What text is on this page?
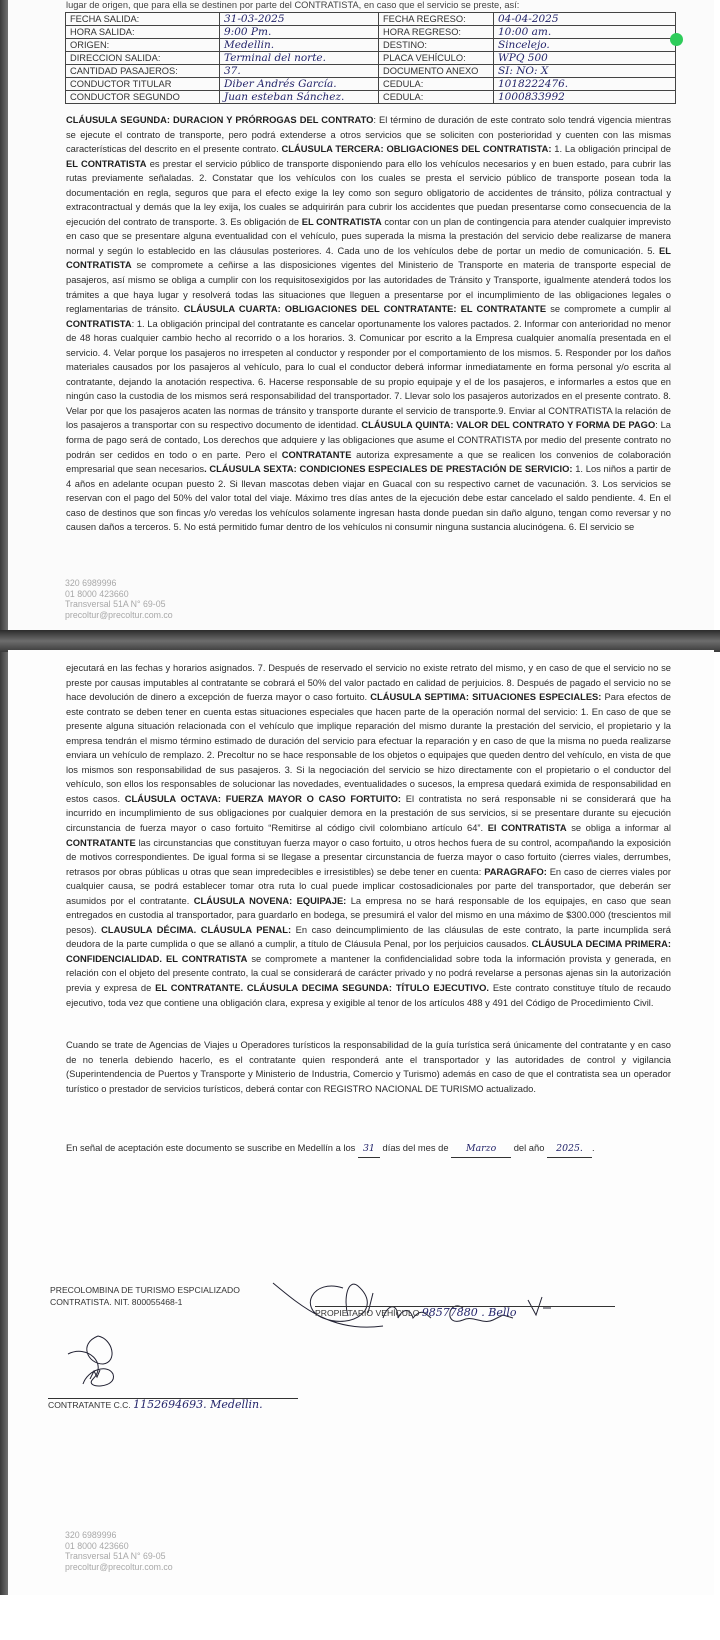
lugar de origen, que para ella se destinen por parte del CONTRATISTA, en caso que el servicio se preste, así:
FECHA SALIDA:	31-03-2025	FECHA REGRESO:	04-04-2025
HORA SALIDA:	9:00 Pm.	HORA REGRESO:	10:00 am.
ORIGEN:	Medellin.	DESTINO:	Sincelejo.
DIRECCION SALIDA:	Terminal del norte.	PLACA VEHÍCULO:	WPQ 500
CANTIDAD PASAJEROS:	37.	DOCUMENTO ANEXO	SI: NO: X
CONDUCTOR TITULAR	Diber Andrés García.	CEDULA:	1018222476.
CONDUCTOR SEGUNDO	Juan esteban Sánchez.	CEDULA:	1000833992
CLÁUSULA SEGUNDA: DURACION Y PRÓRROGAS DEL CONTRATO: El término de duración de este contrato solo tendrá vigencia mientras se ejecute el contrato de transporte, pero podrá extenderse a otros servicios que se soliciten con posterioridad y cuenten con las mismas características del descrito en el presente contrato. CLÁUSULA TERCERA: OBLIGACIONES DEL CONTRATISTA: 1. La obligación principal de EL CONTRATISTA es prestar el servicio público de transporte disponiendo para ello los vehículos necesarios y en buen estado, para cubrir las rutas previamente señaladas. 2. Constatar que los vehículos con los cuales se presta el servicio público de transporte posean toda la documentación en regla, seguros que para el efecto exige la ley como son seguro obligatorio de accidentes de tránsito, póliza contractual y extracontractual y demás que la ley exija, los cuales se adquirirán para cubrir los accidentes que puedan presentarse como consecuencia de la ejecución del contrato de transporte. 3. Es obligación de EL CONTRATISTA contar con un plan de contingencia para atender cualquier imprevisto en caso que se presentare alguna eventualidad con el vehículo, pues superada la misma la prestación del servicio debe realizarse de manera normal y según lo establecido en las cláusulas posteriores. 4. Cada uno de los vehículos debe de portar un medio de comunicación. 5. EL CONTRATISTA se compromete a ceñirse a las disposiciones vigentes del Ministerio de Transporte en materia de transporte especial de pasajeros, así mismo se obliga a cumplir con los requisitosexigidos por las autoridades de Tránsito y Transporte, igualmente atenderá todos los trámites a que haya lugar y resolverá todas las situaciones que lleguen a presentarse por el incumplimiento de las obligaciones legales o reglamentarias de tránsito. CLÁUSULA CUARTA: OBLIGACIONES DEL CONTRATANTE: EL CONTRATANTE se compromete a cumplir al CONTRATISTA: 1. La obligación principal del contratante es cancelar oportunamente los valores pactados. 2. Informar con anterioridad no menor de 48 horas cualquier cambio hecho al recorrido o a los horarios. 3. Comunicar por escrito a la Empresa cualquier anomalía presentada en el servicio. 4. Velar porque los pasajeros no irrespeten al conductor y responder por el comportamiento de los mismos. 5. Responder por los daños materiales causados por los pasajeros al vehículo, para lo cual el conductor deberá informar inmediatamente en forma personal y/o escrita al contratante, dejando la anotación respectiva. 6. Hacerse responsable de su propio equipaje y el de los pasajeros, e informarles a estos que en ningún caso la custodia de los mismos será responsabilidad del transportador. 7. Llevar solo los pasajeros autorizados en el presente contrato. 8. Velar por que los pasajeros acaten las normas de tránsito y transporte durante el servicio de transporte.9. Enviar al CONTRATISTA la relación de los pasajeros a transportar con su respectivo documento de identidad. CLÁUSULA QUINTA: VALOR DEL CONTRATO Y FORMA DE PAGO: La forma de pago será de contado, Los derechos que adquiere y las obligaciones que asume el CONTRATISTA por medio del presente contrato no podrán ser cedidos en todo o en parte. Pero el CONTRATANTE autoriza expresamente a que se realicen los convenios de colaboración empresarial que sean necesarios. CLÁUSULA SEXTA: CONDICIONES ESPECIALES DE PRESTACIÓN DE SERVICIO: 1. Los niños a partir de 4 años en adelante ocupan puesto 2. Si llevan mascotas deben viajar en Guacal con su respectivo carnet de vacunación. 3. Los servicios se reservan con el pago del 50% del valor total del viaje. Máximo tres días antes de la ejecución debe estar cancelado el saldo pendiente. 4. En el caso de destinos que son fincas y/o veredas los vehículos solamente ingresan hasta donde puedan sin daño alguno, tengan como reversar y no causen daños a terceros. 5. No está permitido fumar dentro de los vehículos ni consumir ninguna sustancia alucinógena. 6. El servicio se
320 6989996
01 8000 423660
Transversal 51A N° 69-05
precoltur@precoltur.com.co
ejecutará en las fechas y horarios asignados. 7. Después de reservado el servicio no existe retrato del mismo, y en caso de que el servicio no se preste por causas imputables al contratante se cobrará el 50% del valor pactado en calidad de perjuicios. 8. Después de pagado el servicio no se hace devolución de dinero a excepción de fuerza mayor o caso fortuito. CLÁUSULA SEPTIMA: SITUACIONES ESPECIALES: Para efectos de este contrato se deben tener en cuenta estas situaciones especiales que hacen parte de la operación normal del servicio: 1. En caso de que se presente alguna situación relacionada con el vehículo que implique reparación del mismo durante la prestación del servicio, el propietario y la empresa tendrán el mismo término estimado de duración del servicio para efectuar la reparación y en caso de que la misma no pueda realizarse enviara un vehículo de remplazo. 2. Precoltur no se hace responsable de los objetos o equipajes que queden dentro del vehículo, en vista de que los mismos son responsabilidad de sus pasajeros. 3. Si la negociación del servicio se hizo directamente con el propietario o el conductor del vehículo, son ellos los responsables de solucionar las novedades, eventualidades o sucesos, la empresa quedará eximida de responsabilidad en estos casos. CLÁUSULA OCTAVA: FUERZA MAYOR O CASO FORTUITO: El contratista no será responsable ni se considerará que ha incurrido en incumplimiento de sus obligaciones por cualquier demora en la prestación de sus servicios, si se presentare durante su ejecución circunstancia de fuerza mayor o caso fortuito “Remitirse al código civil colombiano artículo 64”. El CONTRATISTA se obliga a informar al CONTRATANTE las circunstancias que constituyan fuerza mayor o caso fortuito, u otros hechos fuera de su control, acompañando la exposición de motivos correspondientes. De igual forma si se llegase a presentar circunstancia de fuerza mayor o caso fortuito (cierres viales, derrumbes, retrasos por obras públicas u otras que sean impredecibles e irresistibles) se debe tener en cuenta: PARAGRAFO: En caso de cierres viales por cualquier causa, se podrá establecer tomar otra ruta lo cual puede implicar costosadicionales por parte del transportador, que deberán ser asumidos por el contratante. CLÁUSULA NOVENA: EQUIPAJE: La empresa no se hará responsable de los equipajes, en caso que sean entregados en custodia al transportador, para guardarlo en bodega, se presumirá el valor del mismo en una máximo de $300.000 (trescientos mil pesos). CLAUSULA DÉCIMA. CLÁUSULA PENAL: En caso deincumplimiento de las cláusulas de este contrato, la parte incumplida será deudora de la parte cumplida o que se allanó a cumplir, a título de Cláusula Penal, por los perjuicios causados. CLÁUSULA DECIMA PRIMERA: CONFIDENCIALIDAD. EL CONTRATISTA se compromete a mantener la confidencialidad sobre toda la información provista y generada, en relación con el objeto del presente contrato, la cual se considerará de carácter privado y no podrá revelarse a personas ajenas sin la autorización previa y expresa de EL CONTRATANTE. CLÁUSULA DECIMA SEGUNDA: TÍTULO EJECUTIVO. Este contrato constituye título de recaudo ejecutivo, toda vez que contiene una obligación clara, expresa y exigible al tenor de los artículos 488 y 491 del Código de Procedimiento Civil.
Cuando se trate de Agencias de Viajes u Operadores turísticos la responsabilidad de la guía turística será únicamente del contratante y en caso de no tenerla debiendo hacerlo, es el contratante quien responderá ante el transportador y las autoridades de control y vigilancia (Superintendencia de Puertos y Transporte y Ministerio de Industria, Comercio y Turismo) además en caso de que el contratista sea un operador turístico o prestador de servicios turísticos, deberá contar con REGISTRO NACIONAL DE TURISMO actualizado.
En señal de aceptación este documento se suscribe en Medellín a los 31 días del mes de Marzo del año 2025. .
PRECOLOMBINA DE TURISMO ESPCIALIZADO
CONTRATISTA. NIT. 800055468-1
PROPIETARIO VEHÍCULO 98577880 . Bello
CONTRATANTE C.C. 1152694693. Medellin.
320 6989996
01 8000 423660
Transversal 51A N° 69-05
precoltur@precoltur.com.co
